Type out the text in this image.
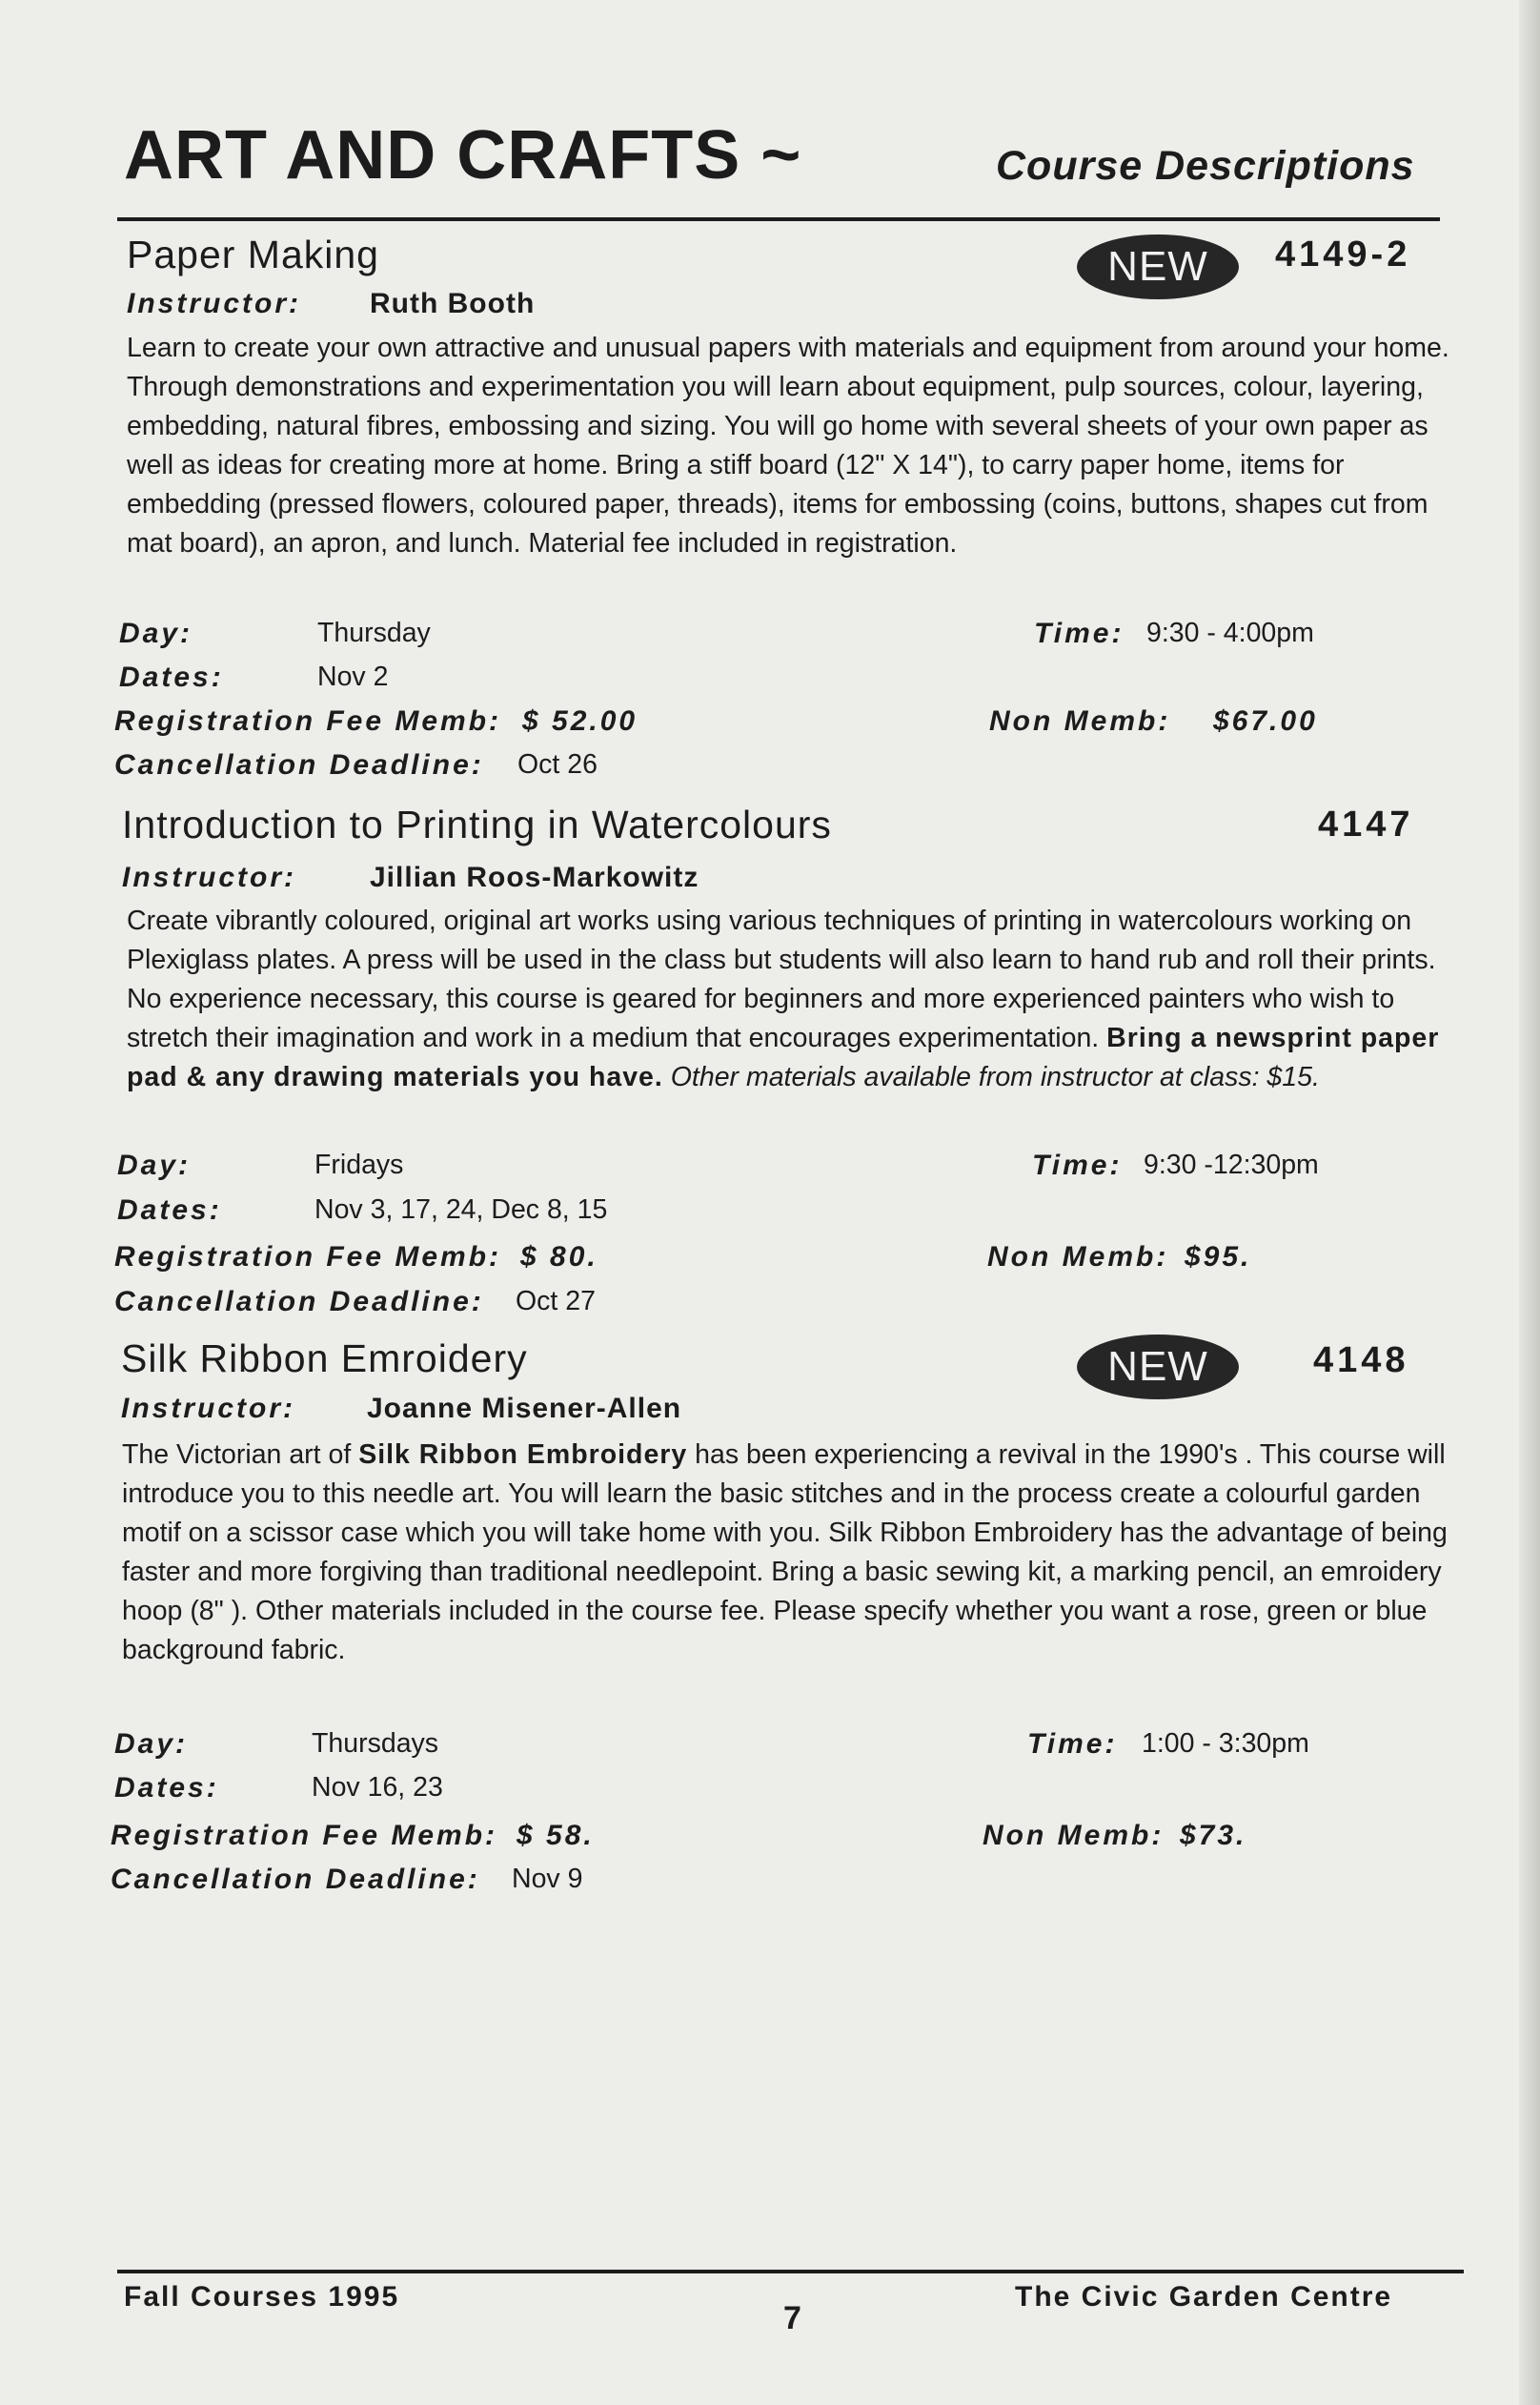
ART AND CRAFTS ~	Course Descriptions
Paper Making	NEW	4149-2
Instructor: Ruth Booth

Learn to create your own attractive and unusual papers with materials and equipment from around your home. Through demonstrations and experimentation you will learn about equipment, pulp sources, colour, layering, embedding, natural fibres, embossing and sizing. You will go home with several sheets of your own paper as well as ideas for creating more at home. Bring a stiff board (12" X 14"), to carry paper home, items for embedding (pressed flowers, coloured paper, threads), items for embossing (coins, buttons, shapes cut from mat board), an apron, and lunch. Material fee included in registration.

Day:	Thursday	Time: 9:30 - 4:00pm
Dates:	Nov 2
Registration Fee Memb: $ 52.00	Non Memb: $67.00
Cancellation Deadline: Oct 26
Introduction to Printing in Watercolours	4147
Instructor:	Jillian Roos-Markowitz

Create vibrantly coloured, original art works using various techniques of printing in watercolours working on Plexiglass plates. A press will be used in the class but students will also learn to hand rub and roll their prints. No experience necessary, this course is geared for beginners and more experienced painters who wish to stretch their imagination and work in a medium that encourages experimentation. Bring a newsprint paper pad & any drawing materials you have. Other materials available from instructor at class: $15.

Day:	Fridays	Time: 9:30 -12:30pm
Dates:	Nov 3, 17, 24, Dec 8, 15
Registration Fee Memb: $ 80.	Non Memb: $95.
Cancellation Deadline: Oct 27
Silk Ribbon Emroidery	NEW	4148
Instructor:	Joanne Misener-Allen

The Victorian art of Silk Ribbon Embroidery has been experiencing a revival in the 1990's . This course will introduce you to this needle art. You will learn the basic stitches and in the process create a colourful garden motif on a scissor case which you will take home with you. Silk Ribbon Embroidery has the advantage of being faster and more forgiving than traditional needlepoint. Bring a basic sewing kit, a marking pencil, an emroidery hoop (8" ). Other materials included in the course fee. Please specify whether you want a rose, green or blue background fabric.

Day:	Thursdays	Time: 1:00 - 3:30pm
Dates:	Nov 16, 23
Registration Fee Memb: $ 58.	Non Memb: $73.
Cancellation Deadline: Nov 9
Fall Courses 1995
7
The Civic Garden Centre
